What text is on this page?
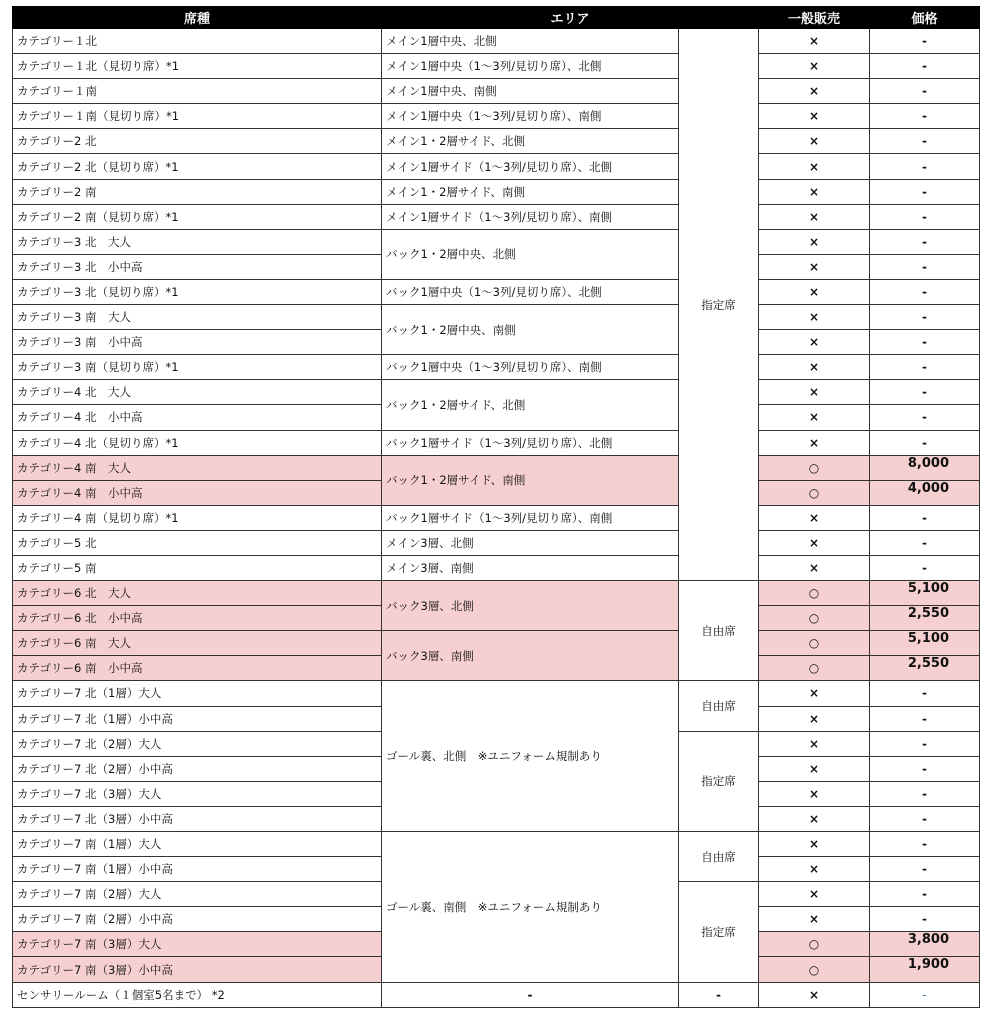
席種	エリア		一般販売	価格
カテゴリー１北	メイン1層中央、北側	指定席	×	-
カテゴリー１北（見切り席）*1	メイン1層中央（1〜3列/見切り席）、北側		×	-
カテゴリー１南	メイン1層中央、南側		×	-
カテゴリー１南（見切り席）*1	メイン1層中央（1〜3列/見切り席）、南側		×	-
カテゴリー2 北	メイン1・2層サイド、北側		×	-
カテゴリー2 北（見切り席）*1	メイン1層サイド（1〜3列/見切り席）、北側		×	-
カテゴリー2 南	メイン1・2層サイド、南側		×	-
カテゴリー2 南（見切り席）*1	メイン1層サイド（1〜3列/見切り席）、南側		×	-
カテゴリー3 北　大人	バック1・2層中央、北側		×	-
カテゴリー3 北　小中高			×	-
カテゴリー3 北（見切り席）*1	バック1層中央（1〜3列/見切り席）、北側		×	-
カテゴリー3 南　大人	バック1・2層中央、南側		×	-
カテゴリー3 南　小中高			×	-
カテゴリー3 南（見切り席）*1	バック1層中央（1〜3列/見切り席）、南側		×	-
カテゴリー4 北　大人	バック1・2層サイド、北側		×	-
カテゴリー4 北　小中高			×	-
カテゴリー4 北（見切り席）*1	バック1層サイド（1〜3列/見切り席）、北側		×	-
カテゴリー4 南　大人	バック1・2層サイド、南側		○	8,000
カテゴリー4 南　小中高			○	4,000
カテゴリー4 南（見切り席）*1	バック1層サイド（1〜3列/見切り席）、南側		×	-
カテゴリー5 北	メイン3層、北側		×	-
カテゴリー5 南	メイン3層、南側		×	-
カテゴリー6 北　大人	バック3層、北側	自由席	○	5,100
カテゴリー6 北　小中高			○	2,550
カテゴリー6 南　大人	バック3層、南側		○	5,100
カテゴリー6 南　小中高			○	2,550
カテゴリー7 北（1層）大人	ゴール裏、北側　※ユニフォーム規制あり	自由席	×	-
カテゴリー7 北（1層）小中高			×	-
カテゴリー7 北（2層）大人		指定席	×	-
カテゴリー7 北（2層）小中高			×	-
カテゴリー7 北（3層）大人			×	-
カテゴリー7 北（3層）小中高			×	-
カテゴリー7 南（1層）大人	ゴール裏、南側　※ユニフォーム規制あり	自由席	×	-
カテゴリー7 南（1層）小中高			×	-
カテゴリー7 南（2層）大人		指定席	×	-
カテゴリー7 南（2層）小中高			×	-
カテゴリー7 南（3層）大人			○	3,800
カテゴリー7 南（3層）小中高			○	1,900
センサリールーム（１個室5名まで） *2	-	-	×	-
